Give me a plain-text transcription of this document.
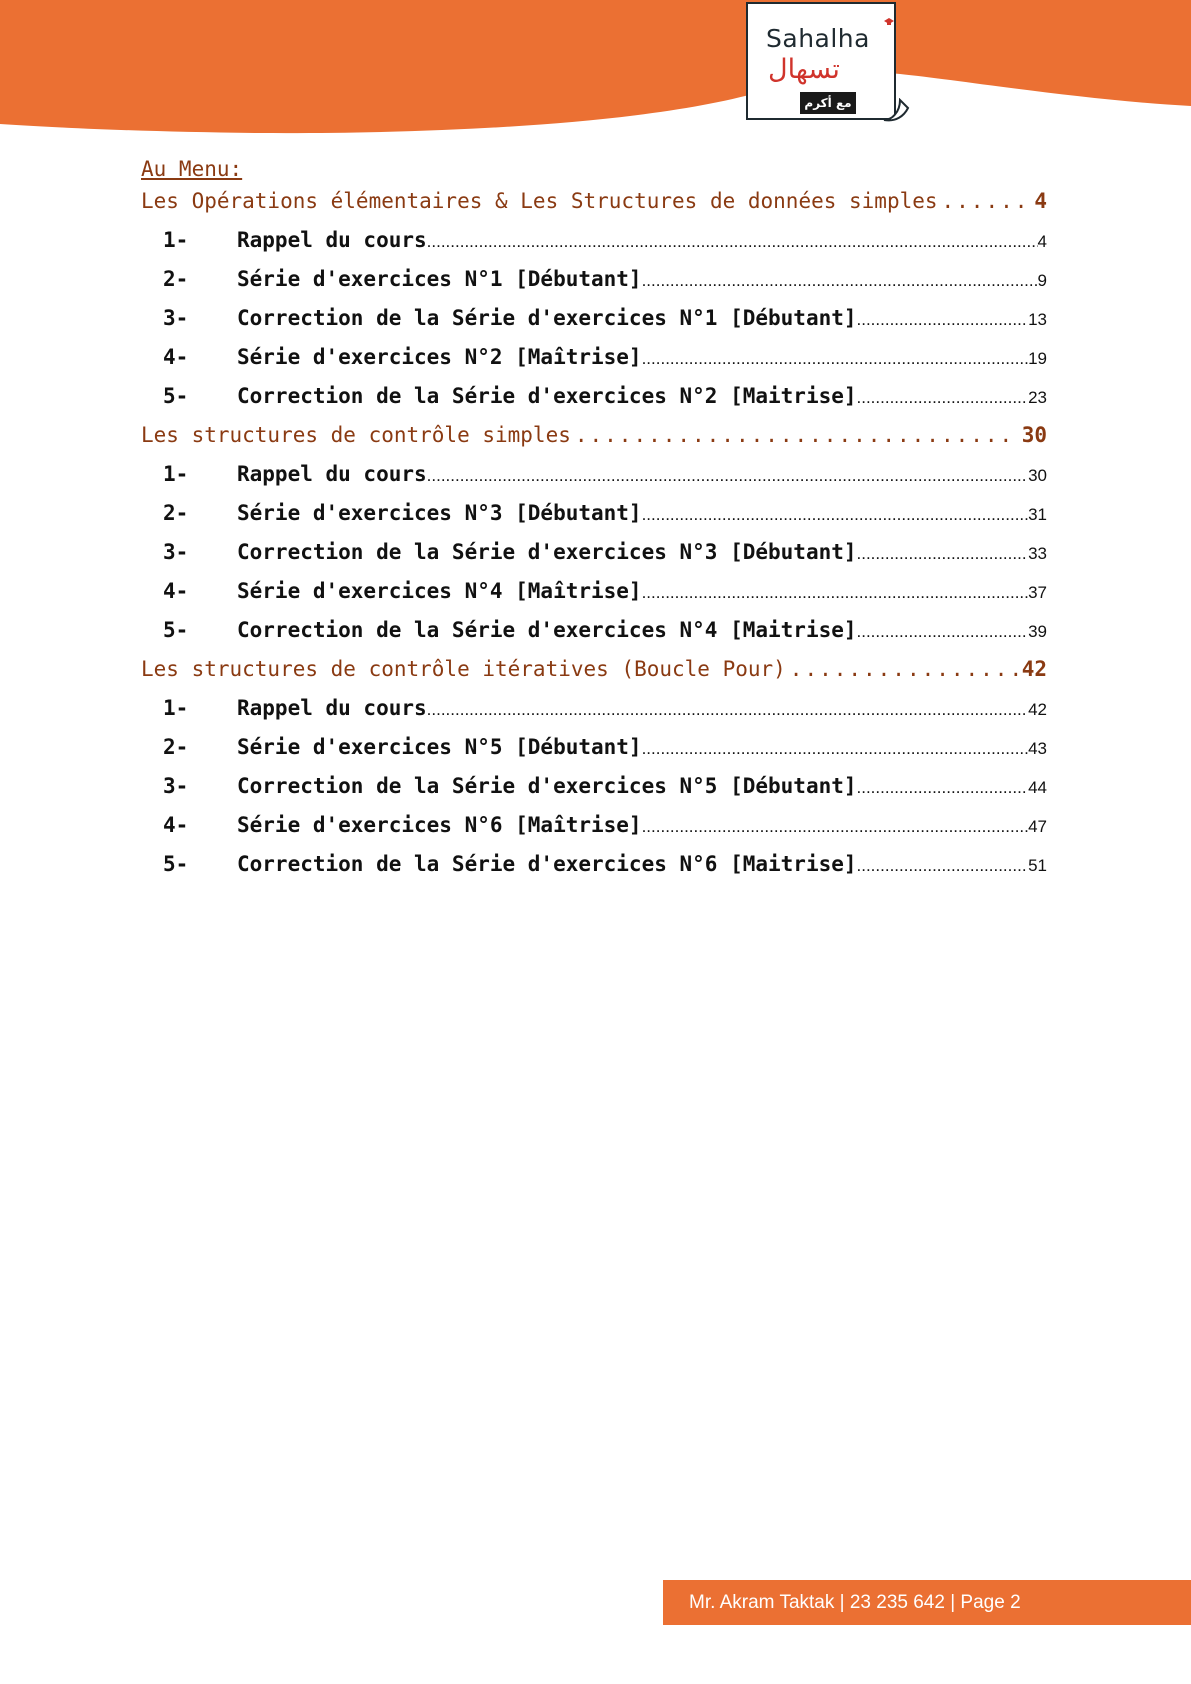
Sahalha
تسهال
مع أكرم
Au Menu:
Les Opérations élémentaires & Les Structures de données simples .....	4
1-	Rappel du cours .....	4
2-	Série d'exercices N°1 [Débutant] .....	9
3-	Correction de la Série d'exercices N°1 [Débutant] .....	13
4-	Série d'exercices N°2 [Maîtrise] .....	19
5-	Correction de la Série d'exercices N°2 [Maitrise] .....	23
Les structures de contrôle simples .....	30
1-	Rappel du cours .....	30
2-	Série d'exercices N°3 [Débutant] .....	31
3-	Correction de la Série d'exercices N°3 [Débutant] .....	33
4-	Série d'exercices N°4 [Maîtrise] .....	37
5-	Correction de la Série d'exercices N°4 [Maitrise] .....	39
Les structures de contrôle itératives (Boucle Pour) .....	42
1-	Rappel du cours .....	42
2-	Série d'exercices N°5 [Débutant] .....	43
3-	Correction de la Série d'exercices N°5 [Débutant] .....	44
4-	Série d'exercices N°6 [Maîtrise] .....	47
5-	Correction de la Série d'exercices N°6 [Maitrise] .....	51
Mr. Akram Taktak | 23 235 642 | Page 2
